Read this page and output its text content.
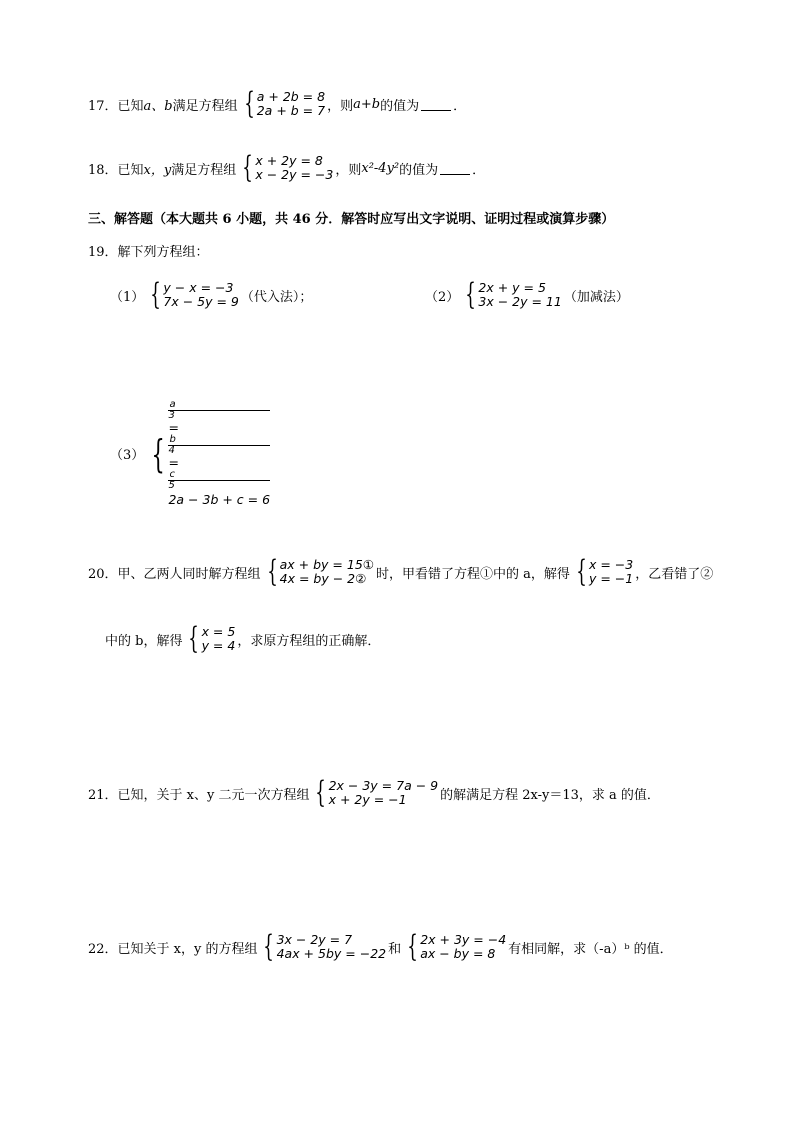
17．已知 a、b 满足方程组 { a + 2b = 8
2a + b = 7 ，则 a+b 的值为	．
18．已知 x，y 满足方程组 { x + 2y = 8
x − 2y = −3 ，则 x²-4y² 的值为	．
三、解答题（本大题共 6 小题，共 46 分．解答时应写出文字说明、证明过程或演算步骤）
19．解下列方程组：
（1） { y − x = −3
7x − 5y = 9 （代入法）；	（2） { 2x + y = 5
3x − 2y = 11 （加减法）
（3） {
a
3
=
b
4
=
c
5
2a − 3b + c = 6
20．甲、乙两人同时解方程组 { ax + by = 15①
4x = by − 2② 时，甲看错了方程①中的 a，解得 { x = −3
y = −1 ，乙看错了②
中的 b，解得 { x = 5
y = 4 ，求原方程组的正确解．
21．已知，关于 x、y 二元一次方程组 { 2x − 3y = 7a − 9
x + 2y = −1	的解满足方程 2x-y＝13，求 a 的值．
22．已知关于 x，y 的方程组 { 3x − 2y = 7
4ax + 5by = −22 和 { 2x + 3y = −4
ax − by = 8 有相同解，求（-a）ᵇ 的值．
